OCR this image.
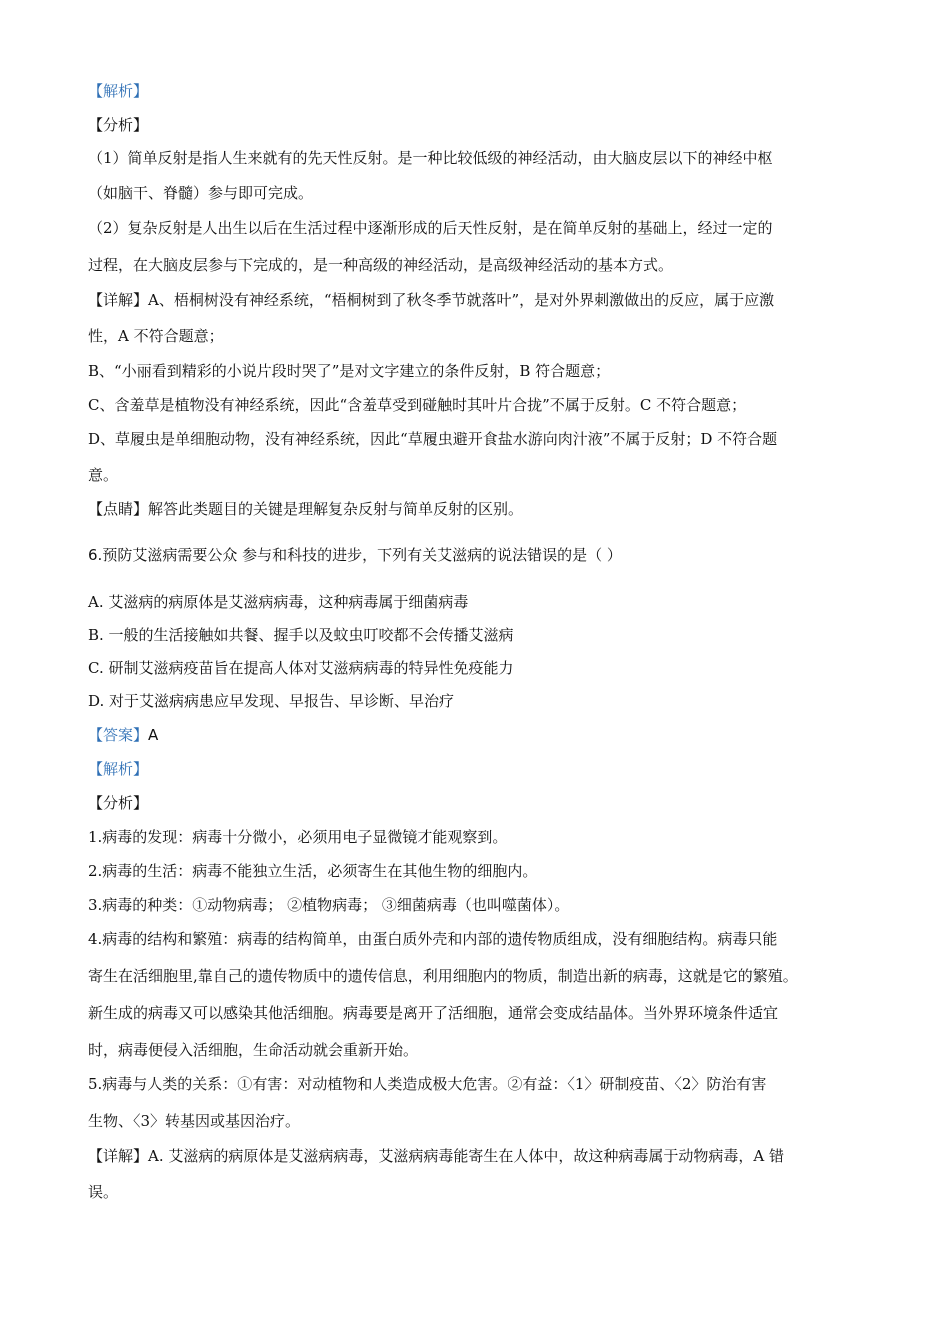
【解析】
【分析】
（1）简单反射是指人生来就有的先天性反射。是一种比较低级的神经活动，由大脑皮层以下的神经中枢
（如脑干、脊髓）参与即可完成。
（2）复杂反射是人出生以后在生活过程中逐渐形成的后天性反射，是在简单反射的基础上，经过一定的
过程，在大脑皮层参与下完成的，是一种高级的神经活动，是高级神经活动的基本方式。
【详解】A、梧桐树没有神经系统，“梧桐树到了秋冬季节就落叶”，是对外界刺激做出的反应，属于应激
性，A 不符合题意；
B、“小丽看到精彩的小说片段时哭了”是对文字建立的条件反射，B 符合题意；
C、含羞草是植物没有神经系统，因此“含羞草受到碰触时其叶片合拢”不属于反射。C 不符合题意；
D、草履虫是单细胞动物，没有神经系统，因此“草履虫避开食盐水游向肉汁液”不属于反射；D 不符合题
意。
【点睛】解答此类题目的关键是理解复杂反射与简单反射的区别。
6.预防艾滋病需要公众 参与和科技的进步，下列有关艾滋病的说法错误的是（ ）
A. 艾滋病的病原体是艾滋病病毒，这种病毒属于细菌病毒
B. 一般的生活接触如共餐、握手以及蚊虫叮咬都不会传播艾滋病
C. 研制艾滋病疫苗旨在提高人体对艾滋病病毒的特异性免疫能力
D. 对于艾滋病病患应早发现、早报告、早诊断、早治疗
【答案】A
【解析】
【分析】
1.病毒的发现：病毒十分微小，必须用电子显微镜才能观察到。
2.病毒的生活：病毒不能独立生活，必须寄生在其他生物的细胞内。
3.病毒的种类：①动物病毒； ②植物病毒； ③细菌病毒（也叫噬菌体）。
4.病毒的结构和繁殖：病毒的结构简单，由蛋白质外壳和内部的遗传物质组成，没有细胞结构。病毒只能
寄生在活细胞里,靠自己的遗传物质中的遗传信息，利用细胞内的物质，制造出新的病毒，这就是它的繁殖。
新生成的病毒又可以感染其他活细胞。病毒要是离开了活细胞，通常会变成结晶体。当外界环境条件适宜
时，病毒便侵入活细胞，生命活动就会重新开始。
5.病毒与人类的关系：①有害：对动植物和人类造成极大危害。②有益：〈1〉研制疫苗、〈2〉防治有害
生物、〈3〉转基因或基因治疗。
【详解】A. 艾滋病的病原体是艾滋病病毒，艾滋病病毒能寄生在人体中，故这种病毒属于动物病毒，A 错
误。
